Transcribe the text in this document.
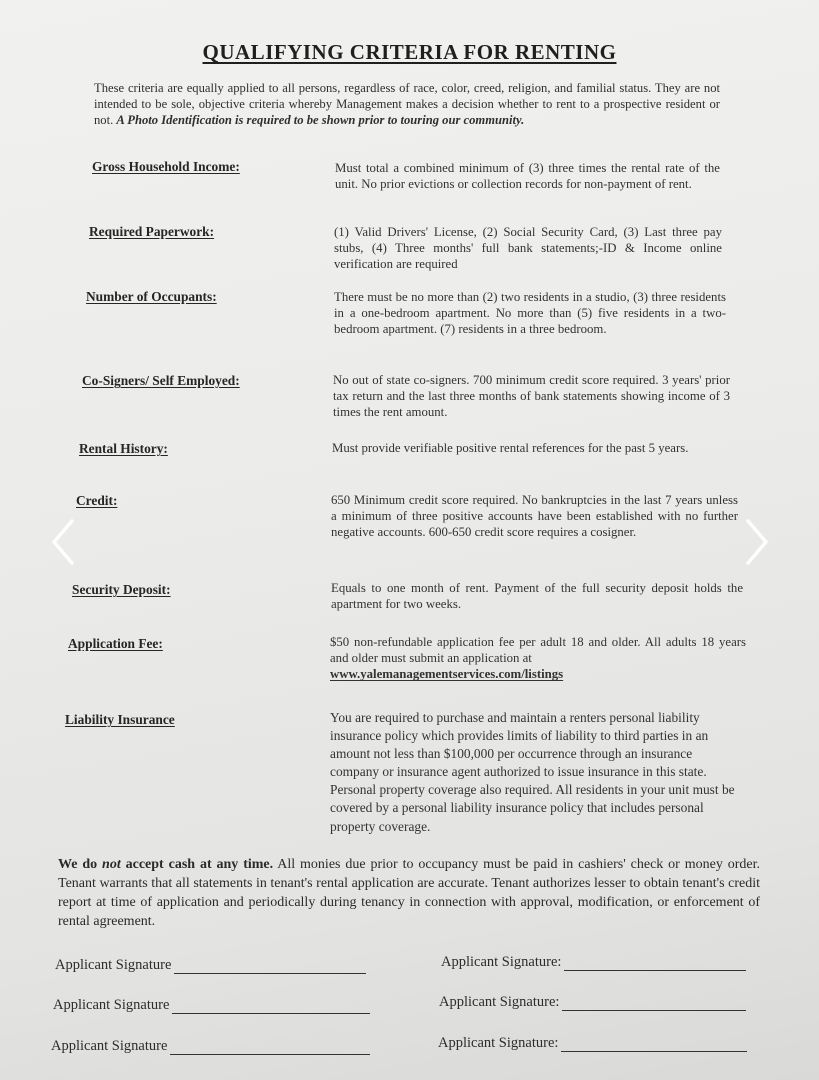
QUALIFYING CRITERIA FOR RENTING
These criteria are equally applied to all persons, regardless of race, color, creed, religion, and familial status. They are not intended to be sole, objective criteria whereby Management makes a decision whether to rent to a prospective resident or not. A Photo Identification is required to be shown prior to touring our community.
Gross Household Income:	Must total a combined minimum of (3) three times the rental rate of the unit. No prior evictions or collection records for non-payment of rent.
Required Paperwork:	(1) Valid Drivers' License, (2) Social Security Card, (3) Last three pay stubs, (4) Three months' full bank statements;-ID & Income online verification are required
Number of Occupants:	There must be no more than (2) two residents in a studio, (3) three residents in a one-bedroom apartment. No more than (5) five residents in a two-bedroom apartment. (7) residents in a three bedroom.
Co-Signers/ Self Employed:	No out of state co-signers. 700 minimum credit score required. 3 years' prior tax return and the last three months of bank statements showing income of 3 times the rent amount.
Rental History:	Must provide verifiable positive rental references for the past 5 years.
Credit:	650 Minimum credit score required. No bankruptcies in the last 7 years unless a minimum of three positive accounts have been established with no further negative accounts. 600-650 credit score requires a cosigner.
Security Deposit:	Equals to one month of rent. Payment of the full security deposit holds the apartment for two weeks.
Application Fee:	$50 non-refundable application fee per adult 18 and older. All adults 18 years and older must submit an application at
www.yalemanagementservices.com/listings
Liability Insurance	You are required to purchase and maintain a renters personal liability insurance policy which provides limits of liability to third parties in an amount not less than $100,000 per occurrence through an insurance company or insurance agent authorized to issue insurance in this state. Personal property coverage also required. All residents in your unit must be covered by a personal liability insurance policy that includes personal property coverage.
We do not accept cash at any time. All monies due prior to occupancy must be paid in cashiers' check or money order. Tenant warrants that all statements in tenant's rental application are accurate. Tenant authorizes lesser to obtain tenant's credit report at time of application and periodically during tenancy in connection with approval, modification, or enforcement of rental agreement.
Applicant Signature
Applicant Signature
Applicant Signature
Applicant Signature:
Applicant Signature:
Applicant Signature:
